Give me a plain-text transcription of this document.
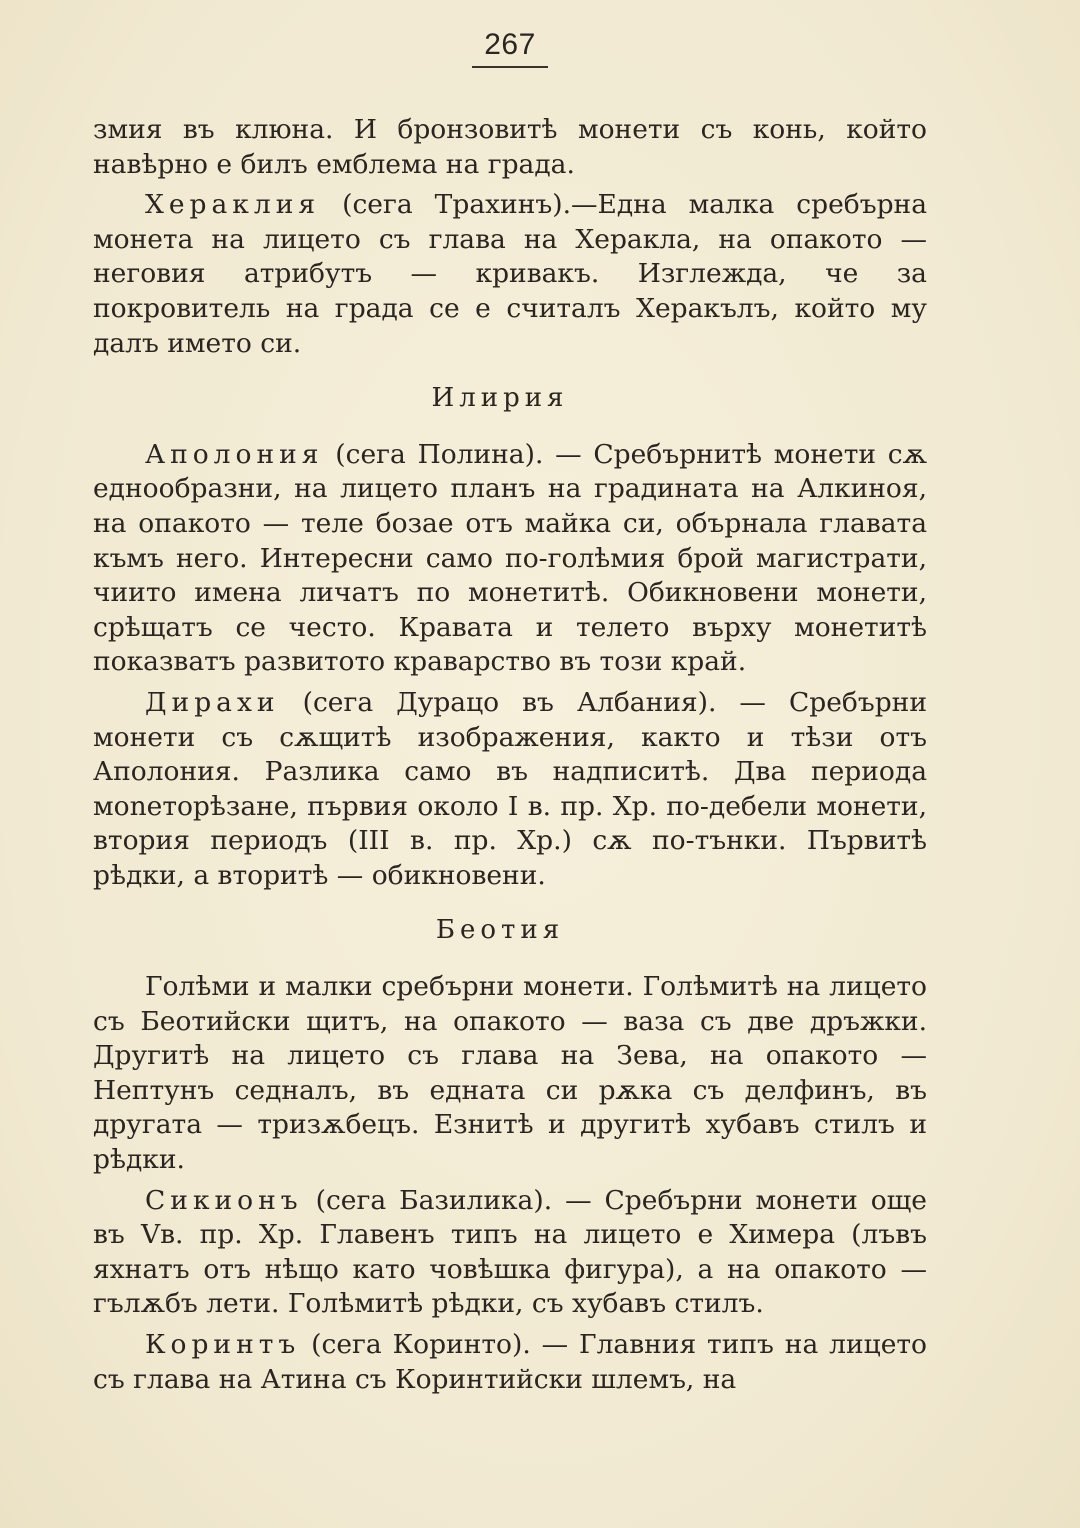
267

змия въ клюна. И бронзовитѣ монети съ конь, който навѣрно е билъ емблема на града.

Хераклия (сега Трахинъ).—Една малка сребърна монета на лицето съ глава на Херакла, на опакото — неговия атрибутъ — кривакъ. Изглежда, че за покровитель на града се е считалъ Херакълъ, който му далъ името си.

Илирия

Аполония (сега Полина). — Сребърнитѣ монети сѫ еднообразни, на лицето планъ на градината на Алкиноя, на опакото — теле бозае отъ майка си, обърнала главата къмъ него. Интересни само по-голѣмия брой магистрати, чиито имена личатъ по монетитѣ. Обикновени монети, срѣщатъ се често. Кравата и телето върху монетитѣ показватъ развитото краварство въ този край.

Дирахи (сега Дурацо въ Албания). — Сребърни монети съ сѫщитѣ изображения, както и тѣзи отъ Аполония. Разлика само въ надписитѣ. Два периода моneторѣзане, първия около I в. пр. Хр. по-дебели монети, втория периодъ (III в. пр. Хр.) сѫ по-тънки. Първитѣ рѣдки, а вторитѣ — обикновени.

Беотия

Голѣми и малки сребърни монети. Голѣмитѣ на лицето съ Беотийски щитъ, на опакото — ваза съ две дръжки. Другитѣ на лицето съ глава на Зева, на опакото — Нептунъ седналъ, въ едната си рѫка съ делфинъ, въ другата — тризѫбецъ. Езнитѣ и другитѣ хубавъ стилъ и рѣдки.

Сикионъ (сега Базилика). — Сребърни монети още въ Vв. пр. Хр. Главенъ типъ на лицето е Химера (лъвъ яхнатъ отъ нѣщо като човѣшка фигура), а на опакото — гълѫбъ лети. Голѣмитѣ рѣдки, съ хубавъ стилъ.

Коринтъ (сега Коринто). — Главния типъ на лицето съ глава на Атина съ Коринтийски шлемъ, на
